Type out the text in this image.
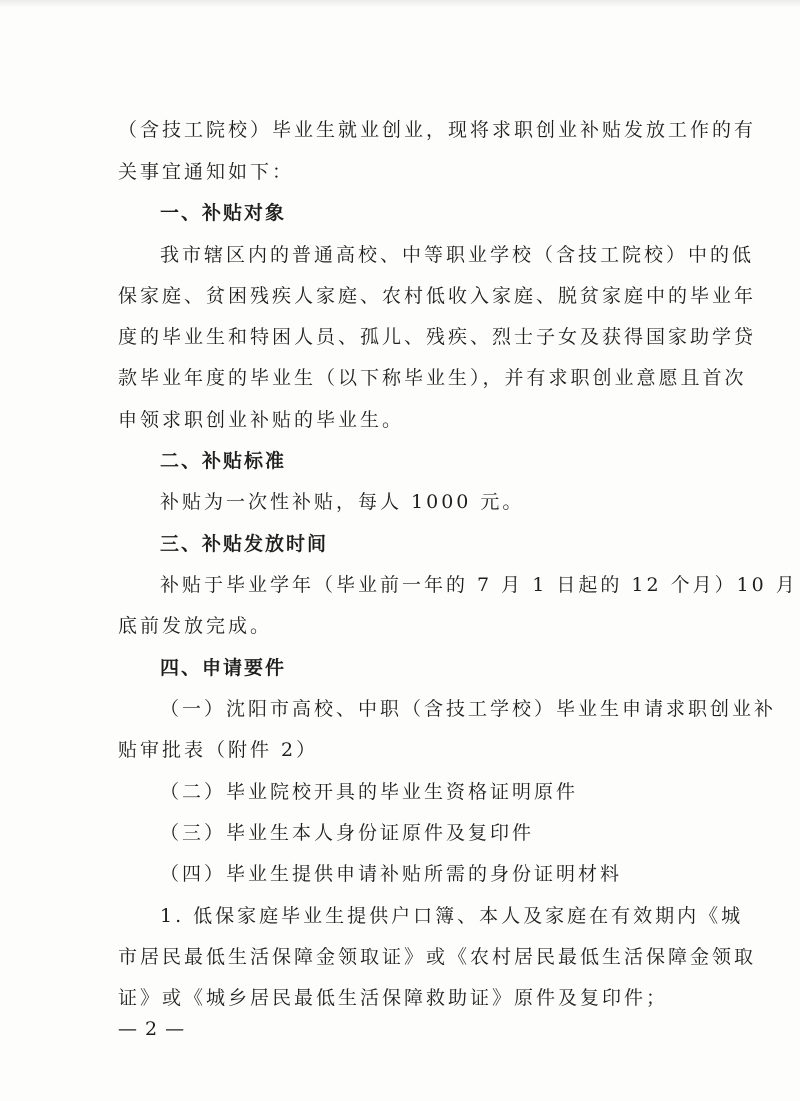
（含技工院校）毕业生就业创业，现将求职创业补贴发放工作的有
关事宜通知如下：
一、补贴对象
我市辖区内的普通高校、中等职业学校（含技工院校）中的低
保家庭、贫困残疾人家庭、农村低收入家庭、脱贫家庭中的毕业年
度的毕业生和特困人员、孤儿、残疾、烈士子女及获得国家助学贷
款毕业年度的毕业生（以下称毕业生），并有求职创业意愿且首次
申领求职创业补贴的毕业生。
二、补贴标准
补贴为一次性补贴，每人 1000 元。
三、补贴发放时间
补贴于毕业学年（毕业前一年的 7 月 1 日起的 12 个月）10 月
底前发放完成。
四、申请要件
（一）沈阳市高校、中职（含技工学校）毕业生申请求职创业补
贴审批表（附件 2）
（二）毕业院校开具的毕业生资格证明原件
（三）毕业生本人身份证原件及复印件
（四）毕业生提供申请补贴所需的身份证明材料
1. 低保家庭毕业生提供户口簿、本人及家庭在有效期内《城
市居民最低生活保障金领取证》或《农村居民最低生活保障金领取
证》或《城乡居民最低生活保障救助证》原件及复印件；
— 2 —
